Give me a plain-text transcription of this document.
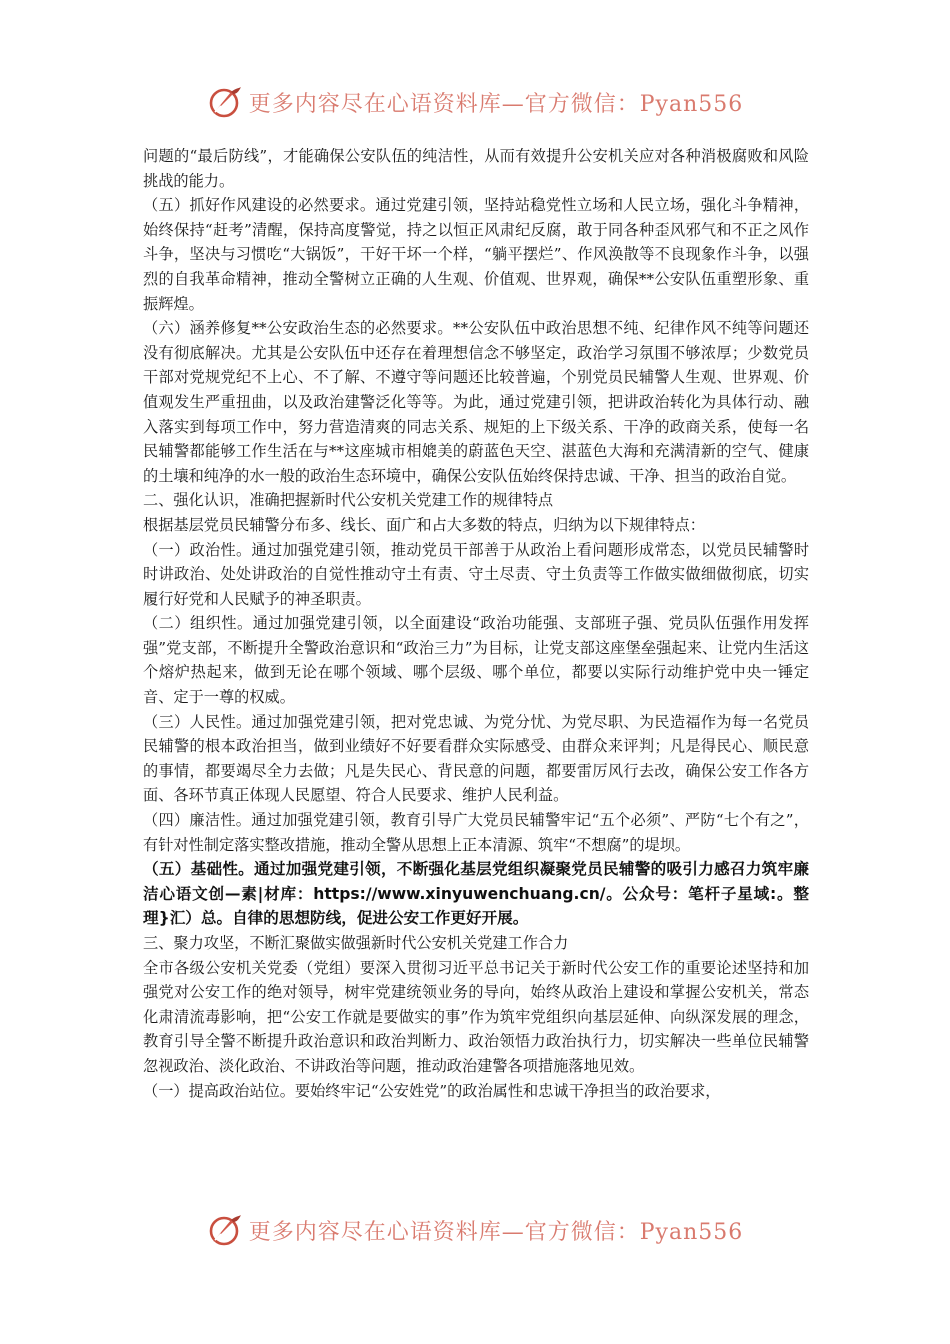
更多内容尽在心语资料库—官方微信：Pyan556

问题的“最后防线”，才能确保公安队伍的纯洁性，从而有效提升公安机关应对各种消极腐败和风险挑战的能力。

（五）抓好作风建设的必然要求。通过党建引领，坚持站稳党性立场和人民立场，强化斗争精神，始终保持“赶考”清醒，保持高度警觉，持之以恒正风肃纪反腐，敢于同各种歪风邪气和不正之风作斗争，坚决与习惯吃“大锅饭”，干好干坏一个样，“躺平摆烂”、作风涣散等不良现象作斗争，以强烈的自我革命精神，推动全警树立正确的人生观、价值观、世界观，确保**公安队伍重塑形象、重振辉煌。

（六）涵养修复**公安政治生态的必然要求。**公安队伍中政治思想不纯、纪律作风不纯等问题还没有彻底解决。尤其是公安队伍中还存在着理想信念不够坚定，政治学习氛围不够浓厚；少数党员干部对党规党纪不上心、不了解、不遵守等问题还比较普遍，个别党员民辅警人生观、世界观、价值观发生严重扭曲，以及政治建警泛化等等。为此，通过党建引领，把讲政治转化为具体行动、融入落实到每项工作中，努力营造清爽的同志关系、规矩的上下级关系、干净的政商关系，使每一名民辅警都能够工作生活在与**这座城市相媲美的蔚蓝色天空、湛蓝色大海和充满清新的空气、健康的土壤和纯净的水一般的政治生态环境中，确保公安队伍始终保持忠诚、干净、担当的政治自觉。

二、强化认识，准确把握新时代公安机关党建工作的规律特点

根据基层党员民辅警分布多、线长、面广和占大多数的特点，归纳为以下规律特点：

（一）政治性。通过加强党建引领，推动党员干部善于从政治上看问题形成常态，以党员民辅警时时讲政治、处处讲政治的自觉性推动守土有责、守土尽责、守土负责等工作做实做细做彻底，切实履行好党和人民赋予的神圣职责。

（二）组织性。通过加强党建引领，以全面建设“政治功能强、支部班子强、党员队伍强作用发挥强”党支部，不断提升全警政治意识和“政治三力”为目标，让党支部这座堡垒强起来、让党内生活这个熔炉热起来，做到无论在哪个领域、哪个层级、哪个单位，都要以实际行动维护党中央一锤定音、定于一尊的权威。

（三）人民性。通过加强党建引领，把对党忠诚、为党分忧、为党尽职、为民造福作为每一名党员民辅警的根本政治担当，做到业绩好不好要看群众实际感受、由群众来评判；凡是得民心、顺民意的事情，都要竭尽全力去做；凡是失民心、背民意的问题，都要雷厉风行去改，确保公安工作各方面、各环节真正体现人民愿望、符合人民要求、维护人民利益。

（四）廉洁性。通过加强党建引领，教育引导广大党员民辅警牢记“五个必须”、严防“七个有之”，有针对性制定落实整改措施，推动全警从思想上正本清源、筑牢“不想腐”的堤坝。

（五）基础性。通过加强党建引领，不断强化基层党组织凝聚党员民辅警的吸引力感召力筑牢廉洁心语文创—素|材库：https://www.xinyuwenchuang.cn/。公众号：笔杆子星域:。整理}汇）总。自律的思想防线，促进公安工作更好开展。

三、聚力攻坚，不断汇聚做实做强新时代公安机关党建工作合力

全市各级公安机关党委（党组）要深入贯彻习近平总书记关于新时代公安工作的重要论述坚持和加强党对公安工作的绝对领导，树牢党建统领业务的导向，始终从政治上建设和掌握公安机关，常态化肃清流毒影响，把“公安工作就是要做实的事”作为筑牢党组织向基层延伸、向纵深发展的理念，教育引导全警不断提升政治意识和政治判断力、政治领悟力政治执行力，切实解决一些单位民辅警忽视政治、淡化政治、不讲政治等问题，推动政治建警各项措施落地见效。

（一）提高政治站位。要始终牢记“公安姓党”的政治属性和忠诚干净担当的政治要求，

更多内容尽在心语资料库—官方微信：Pyan556
